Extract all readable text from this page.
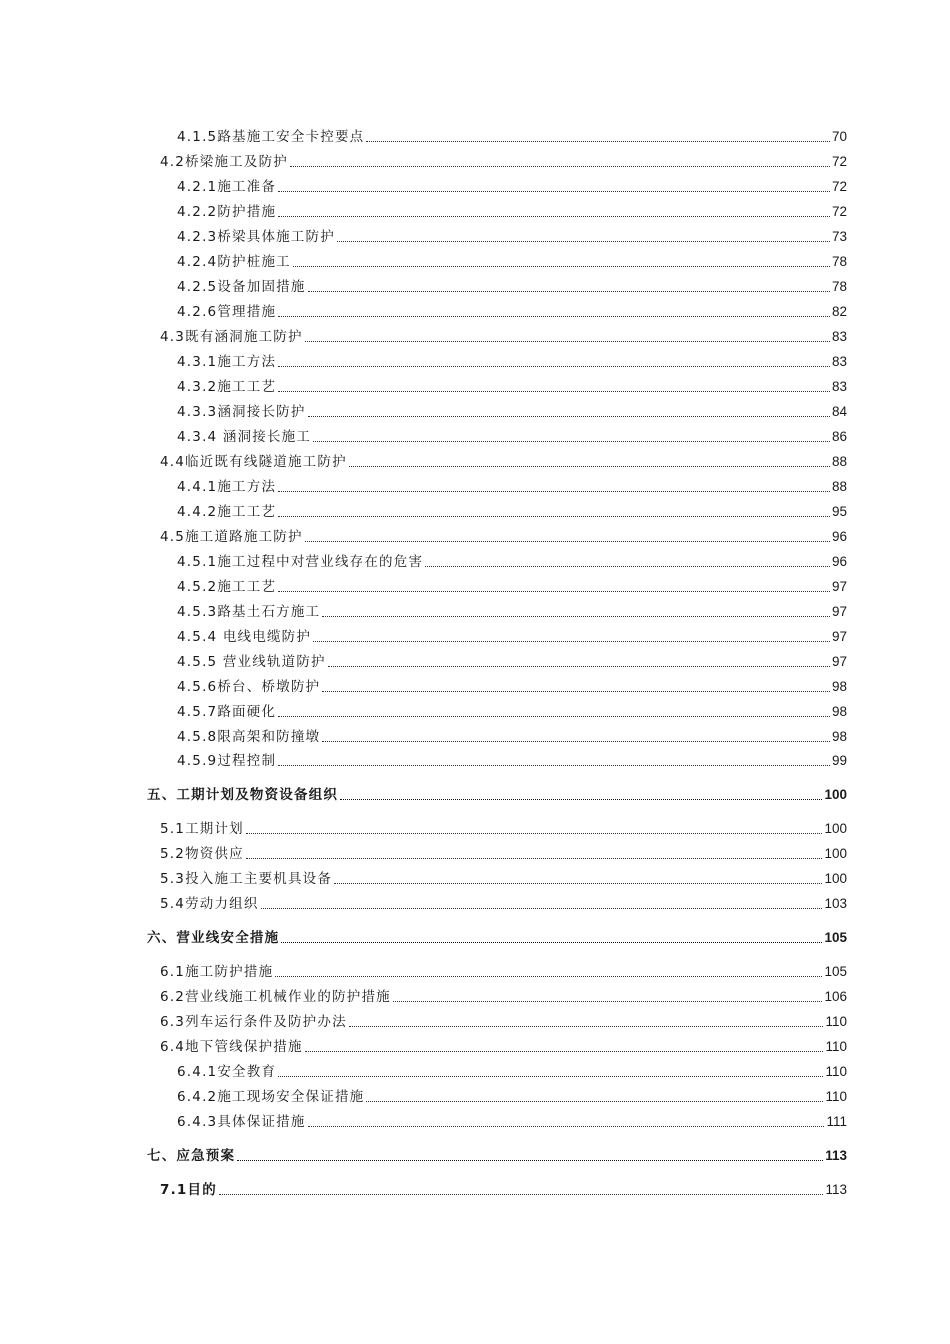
4.1.5路基施工安全卡控要点	70
4.2桥梁施工及防护	72
4.2.1施工准备	72
4.2.2防护措施	72
4.2.3桥梁具体施工防护	73
4.2.4防护桩施工	78
4.2.5设备加固措施	78
4.2.6管理措施	82
4.3既有涵洞施工防护	83
4.3.1施工方法	83
4.3.2施工工艺	83
4.3.3涵洞接长防护	84
4.3.4 涵洞接长施工	86
4.4临近既有线隧道施工防护	88
4.4.1施工方法	88
4.4.2施工工艺	95
4.5施工道路施工防护	96
4.5.1施工过程中对营业线存在的危害	96
4.5.2施工工艺	97
4.5.3路基土石方施工	97
4.5.4 电线电缆防护	97
4.5.5 营业线轨道防护	97
4.5.6桥台、桥墩防护	98
4.5.7路面硬化	98
4.5.8限高架和防撞墩	98
4.5.9过程控制	99
五、工期计划及物资设备组织	100
5.1工期计划	100
5.2物资供应	100
5.3投入施工主要机具设备	100
5.4劳动力组织	103
六、营业线安全措施	105
6.1施工防护措施	105
6.2营业线施工机械作业的防护措施	106
6.3列车运行条件及防护办法	110
6.4地下管线保护措施	110
6.4.1安全教育	110
6.4.2施工现场安全保证措施	110
6.4.3具体保证措施	111
七、应急预案	113
7.1目的	113
